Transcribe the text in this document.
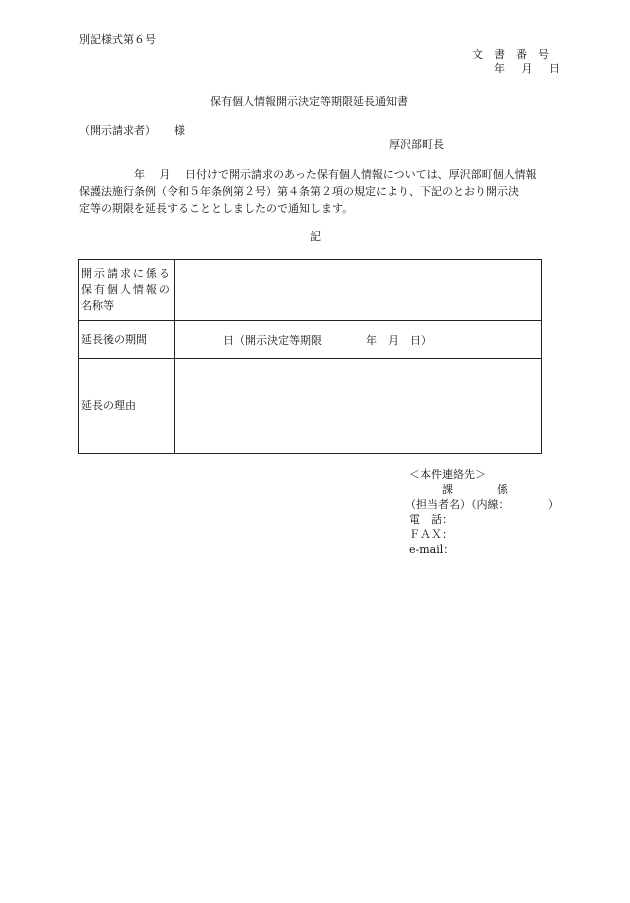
別記様式第６号
文　書　番　号
年　月　日
保有個人情報開示決定等期限延長通知書
（開示請求者） 様
厚沢部町長

　　　　　年　 月　 日付けで開示請求のあった保有個人情報については、厚沢部町個人情報

保護法施行条例（令和５年条例第２号）第４条第２項の規定により、下記のとおり開示決

定等の期限を延長することとしましたので通知します。

記
開示請求に係る
保有個人情報の
名称等	

延長後の期間	日（開示決定等期限　　　　年　月　日）

延長の理由	

＜本件連絡先＞
　　　課　　　　係
（担当者名）（内線：　　　　）
電　話：
ＦＡＸ：
e-mail：
